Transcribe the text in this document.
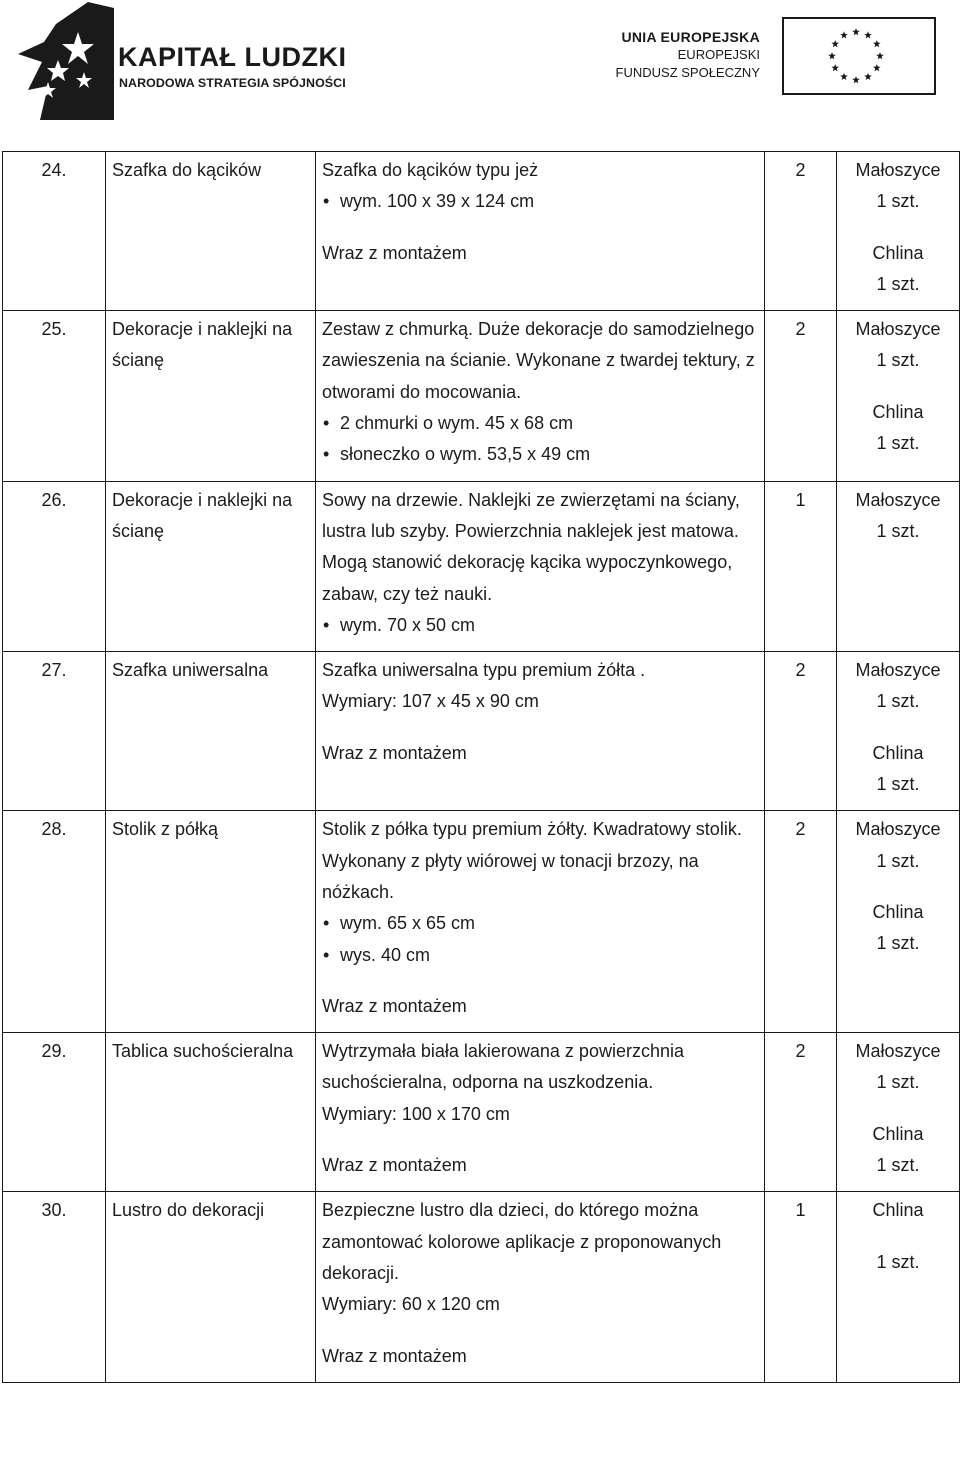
KAPITAŁ LUDZKI
NARODOWA STRATEGIA SPÓJNOŚCI
UNIA EUROPEJSKA
EUROPEJSKI
FUNDUSZ SPOŁECZNY
24.	Szafka do kącików	Szafka do kącików typu jeż
• wym. 100 x 39 x 124 cm
Wraz z montażem	2	Małoszyce
1 szt.
Chlina
1 szt.

25.	Dekoracje i naklejki na ścianę	Zestaw z chmurką. Duże dekoracje do samodzielnego zawieszenia na ścianie. Wykonane z twardej tektury, z otworami do mocowania.
• 2 chmurki o wym. 45 x 68 cm
• słoneczko o wym. 53,5 x 49 cm	2	Małoszyce
1 szt.
Chlina
1 szt.

26.	Dekoracje i naklejki na ścianę	Sowy na drzewie. Naklejki ze zwierzętami na ściany, lustra lub szyby. Powierzchnia naklejek jest matowa. Mogą stanowić dekorację kącika wypoczynkowego, zabaw, czy też nauki.
• wym. 70 x 50 cm	1	Małoszyce
1 szt.

27.	Szafka uniwersalna	Szafka uniwersalna typu premium żółta .
Wymiary: 107 x 45 x 90 cm
Wraz z montażem	2	Małoszyce
1 szt.
Chlina
1 szt.

28.	Stolik z półką	Stolik z półka typu premium żółty. Kwadratowy stolik. Wykonany z płyty wiórowej w tonacji brzozy, na nóżkach.
• wym. 65 x 65 cm
• wys. 40 cm
Wraz z montażem	2	Małoszyce
1 szt.
Chlina
1 szt.

29.	Tablica suchościeralna	Wytrzymała biała lakierowana z powierzchnia suchościeralna, odporna na uszkodzenia.
Wymiary: 100 x 170 cm
Wraz z montażem	2	Małoszyce
1 szt.
Chlina
1 szt.

30.	Lustro do dekoracji	Bezpieczne lustro dla dzieci, do którego można zamontować kolorowe aplikacje z proponowanych dekoracji.
Wymiary: 60 x 120 cm
Wraz z montażem	1	Chlina
1 szt.
